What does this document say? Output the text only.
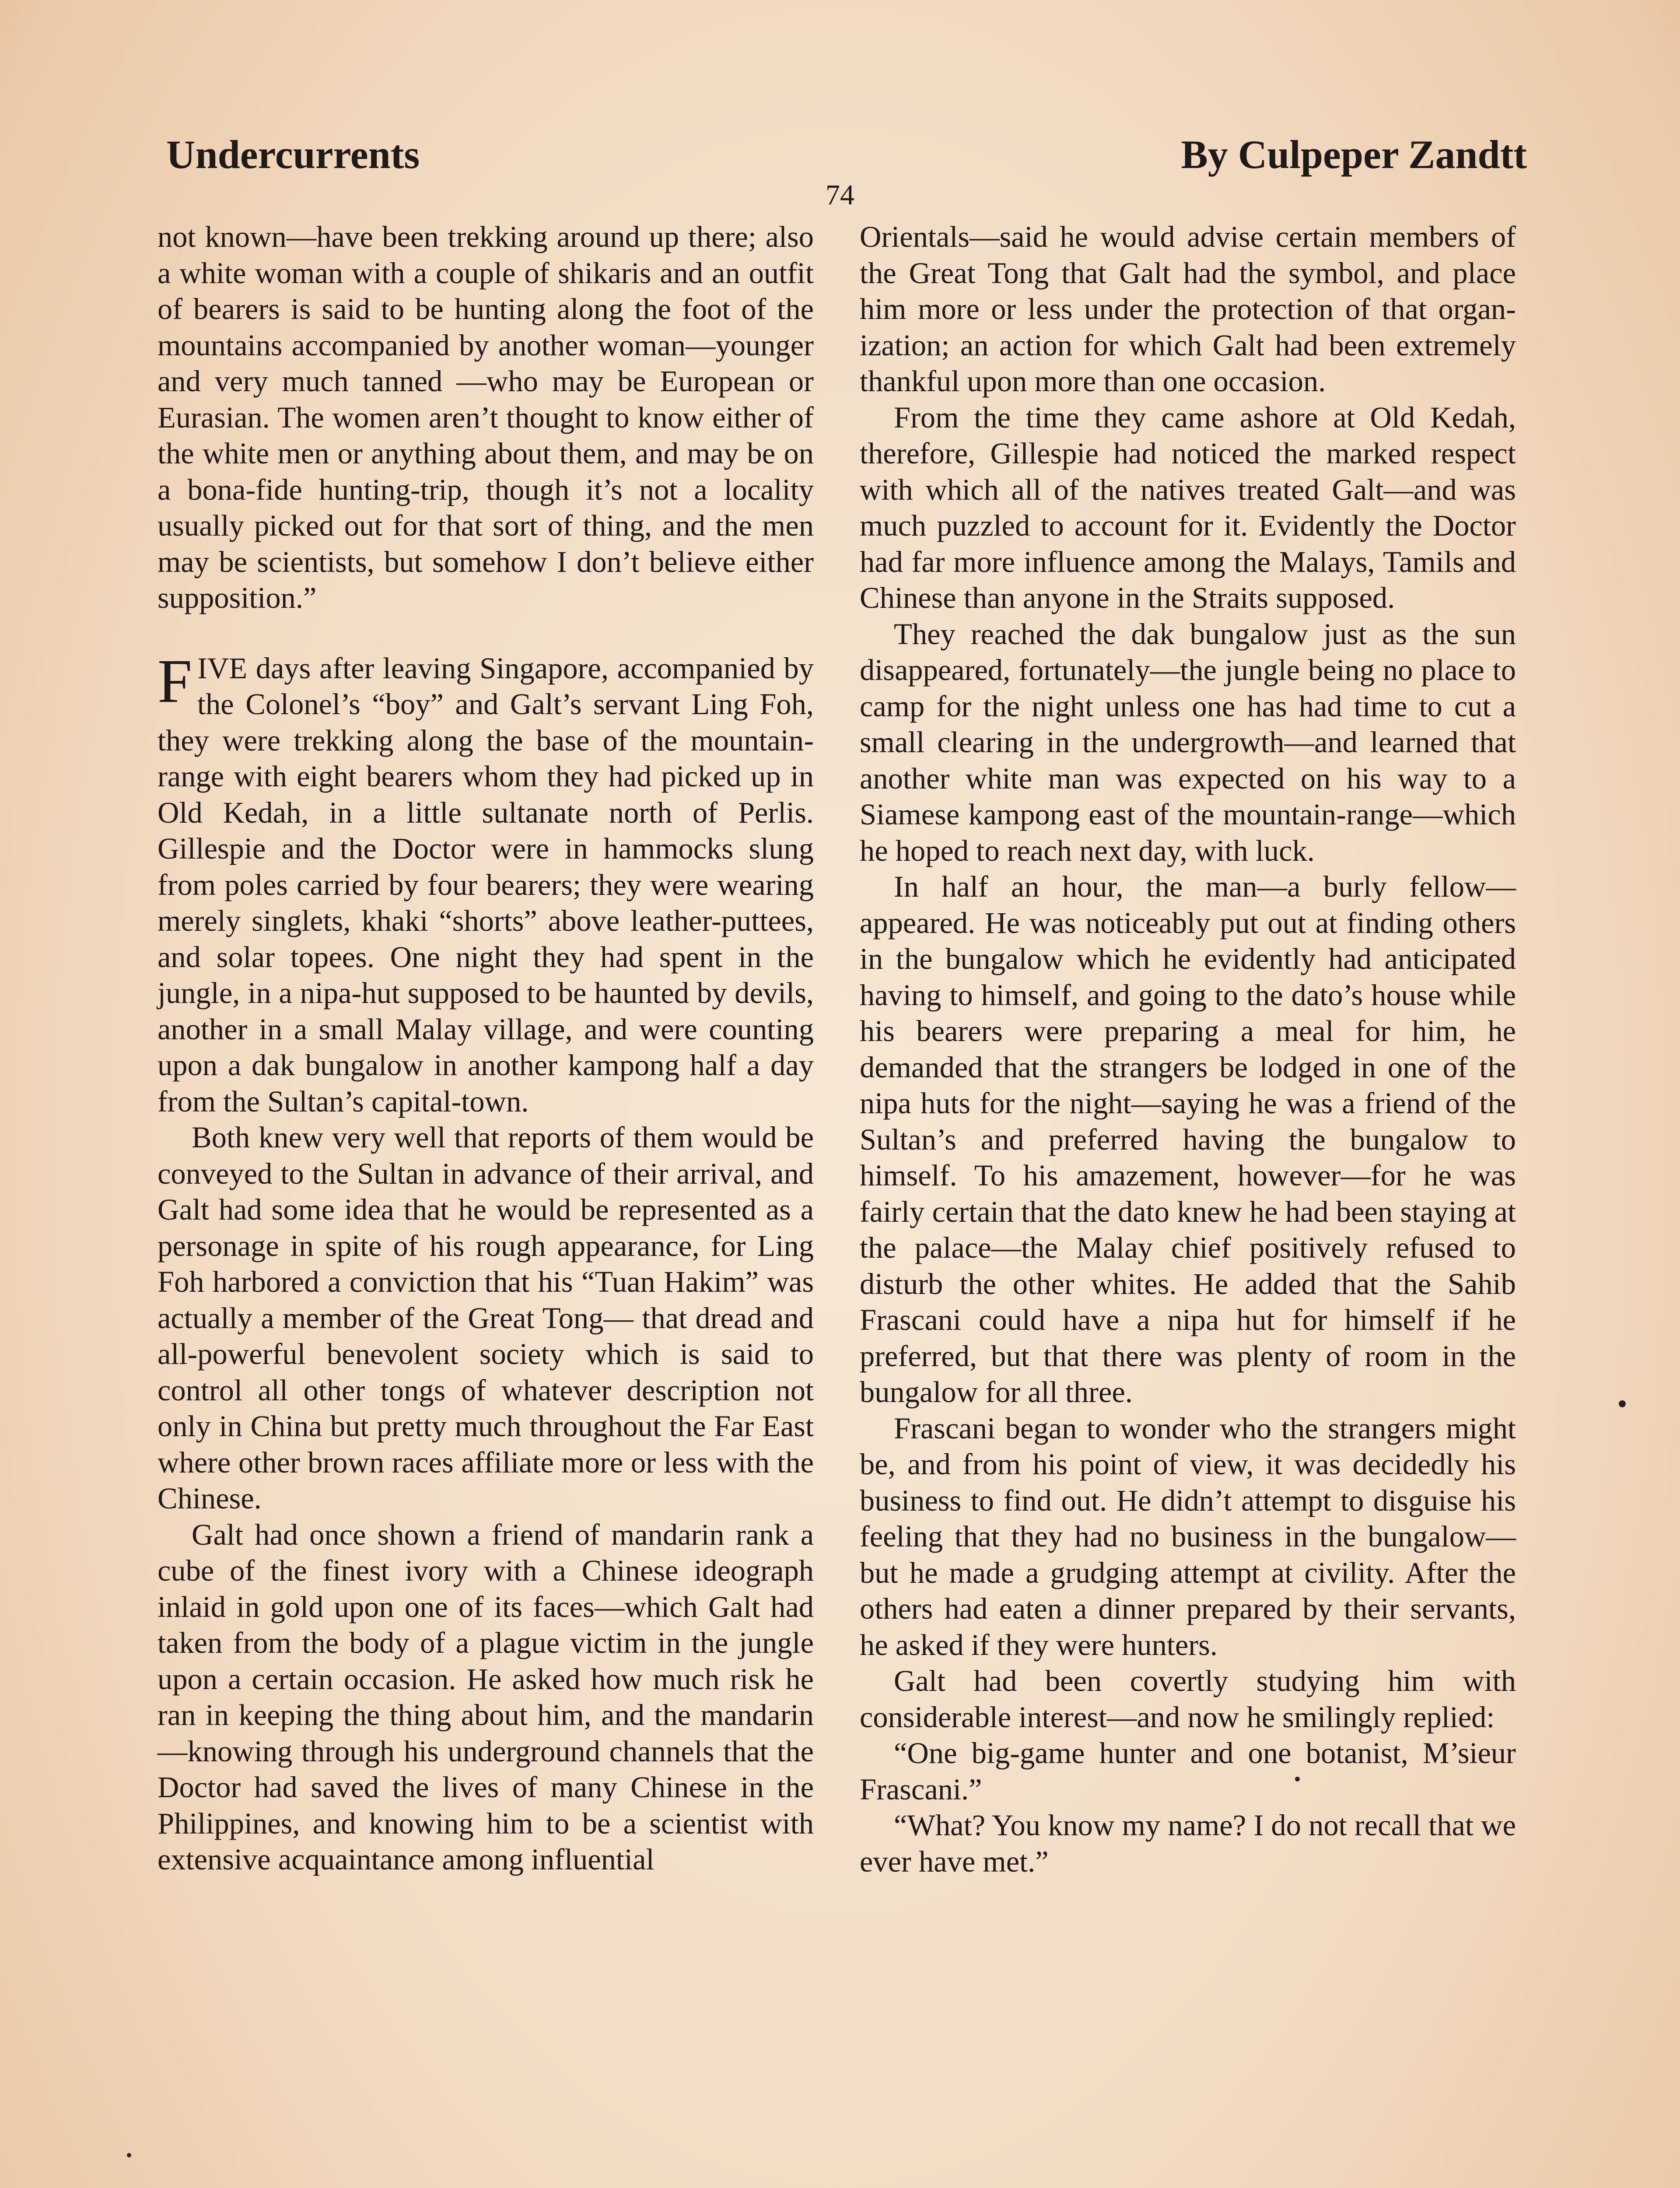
Undercurrents	By Culpeper Zandtt
74

not known—have been trekking around up there; also a white woman with a couple of shikaris and an outfit of bearers is said to be hunting along the foot of the mountains accompanied by another woman—younger and very much tanned —who may be European or Eurasian. The women aren’t thought to know either of the white men or anything about them, and may be on a bona-fide hunting-trip, though it’s not a locality usually picked out for that sort of thing, and the men may be scientists, but somehow I don’t believe either supposition.”

FIVE days after leaving Singapore, accompanied by the Colonel’s “boy” and Galt’s servant Ling Foh, they were trekking along the base of the mountainrange with eight bearers whom they had picked up in Old Kedah, in a little sultanate north of Perlis. Gillespie and the Doctor were in hammocks slung from poles carried by four bearers; they were wearing merely singlets, khaki “shorts” above leather-puttees, and solar topees. One night they had spent in the jungle, in a nipa-hut supposed to be haunted by devils, another in a small Malay village, and were counting upon a dak bungalow in another kampong half a day from the Sultan’s capital-town.

Both knew very well that reports of them would be conveyed to the Sultan in advance of their arrival, and Galt had some idea that he would be represented as a personage in spite of his rough appearance, for Ling Foh harbored a conviction that his “Tuan Hakim” was actually a member of the Great Tong— that dread and all-powerful benevolent society which is said to control all other tongs of whatever description not only in China but pretty much throughout the Far East where other brown races affiliate more or less with the Chinese.

Galt had once shown a friend of mandarin rank a cube of the finest ivory with a Chinese ideograph inlaid in gold upon one of its faces—which Galt had taken from the body of a plague victim in the jungle upon a certain occasion. He asked how much risk he ran in keeping the thing about him, and the mandarin—knowing through his underground channels that the Doctor had saved the lives of many Chinese in the Philippines, and knowing him to be a scientist with extensive acquaintance among influential

Orientals—said he would advise certain members of the Great Tong that Galt had the symbol, and place him more or less under the protection of that organization; an action for which Galt had been extremely thankful upon more than one occasion.

From the time they came ashore at Old Kedah, therefore, Gillespie had noticed the marked respect with which all of the natives treated Galt—and was much puzzled to account for it. Evidently the Doctor had far more influence among the Malays, Tamils and Chinese than anyone in the Straits supposed.

They reached the dak bungalow just as the sun disappeared, fortunately—the jungle being no place to camp for the night unless one has had time to cut a small clearing in the undergrowth—and learned that another white man was expected on his way to a Siamese kampong east of the mountain-range—which he hoped to reach next day, with luck.

In half an hour, the man—a burly fellow—appeared. He was noticeably put out at finding others in the bungalow which he evidently had anticipated having to himself, and going to the dato’s house while his bearers were preparing a meal for him, he demanded that the strangers be lodged in one of the nipa huts for the night—saying he was a friend of the Sultan’s and preferred having the bungalow to himself. To his amazement, however—for he was fairly certain that the dato knew he had been staying at the palace—the Malay chief positively refused to disturb the other whites. He added that the Sahib Frascani could have a nipa hut for himself if he preferred, but that there was plenty of room in the bungalow for all three.

Frascani began to wonder who the strangers might be, and from his point of view, it was decidedly his business to find out. He didn’t attempt to disguise his feeling that they had no business in the bungalow—but he made a grudging attempt at civility. After the others had eaten a dinner prepared by their servants, he asked if they were hunters.

Galt had been covertly studying him with considerable interest—and now he smilingly replied:

“One big-game hunter and one botanist, M’sieur Frascani.”

“What? You know my name? I do not recall that we ever have met.”
